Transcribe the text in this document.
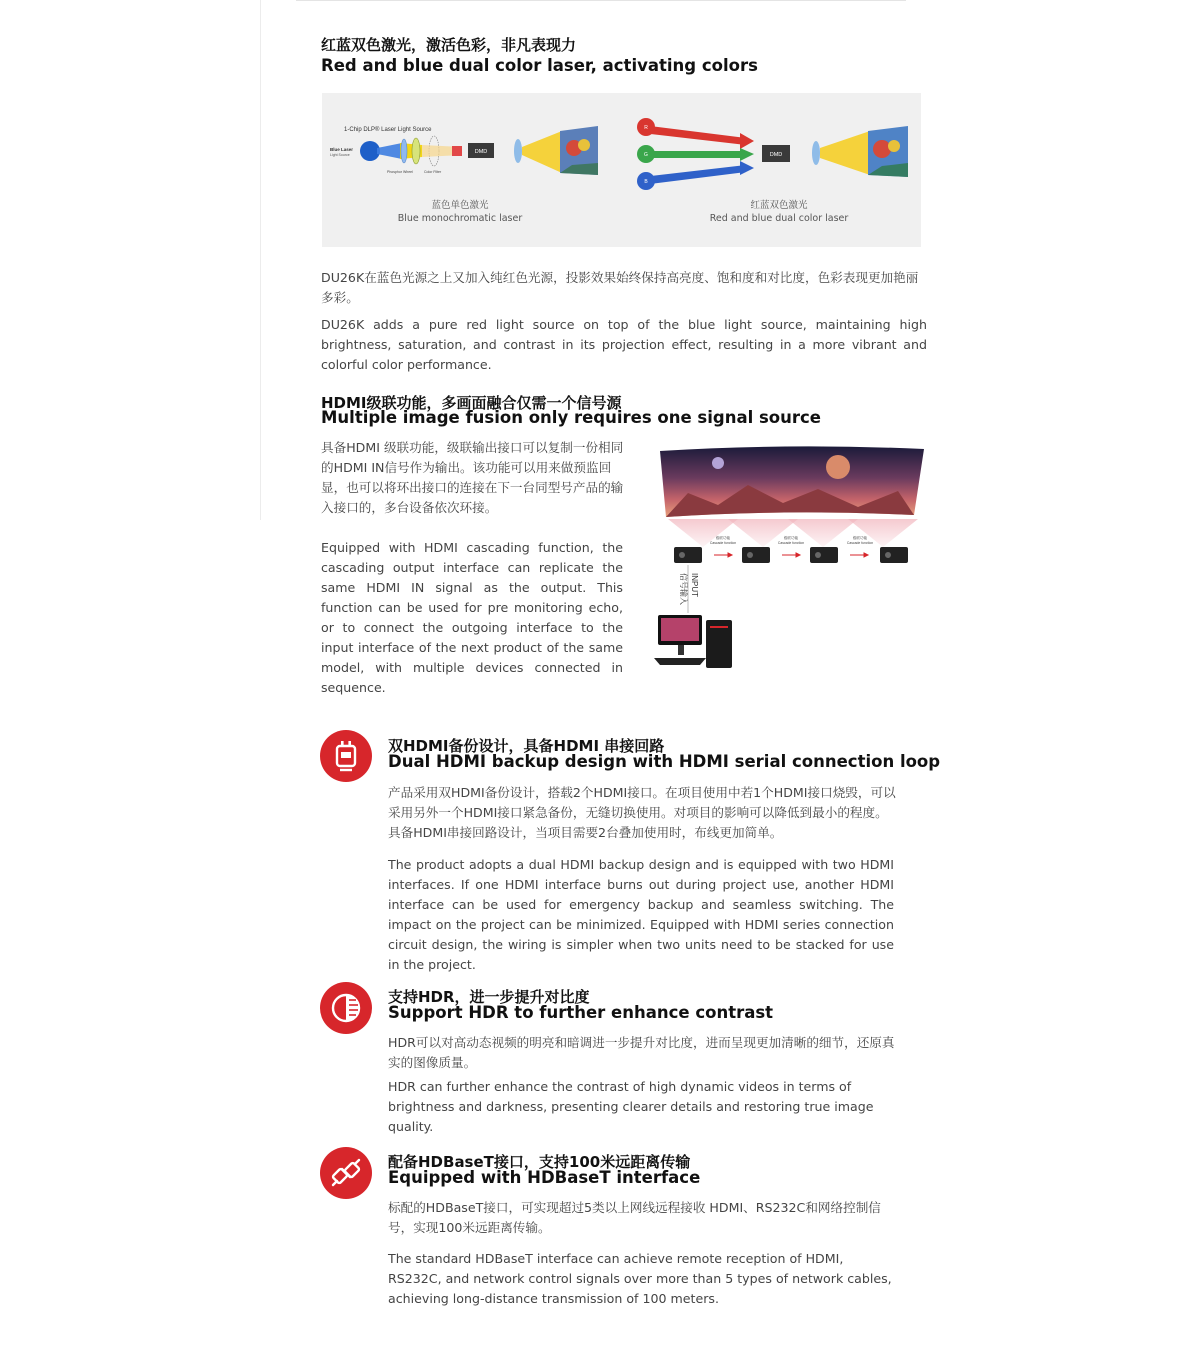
红蓝双色激光，激活色彩，非凡表现力
Red and blue dual color laser, activating colors
1-Chip DLP® Laser Light Source
Blue Laser
Light Source	DMD
Phosphor Wheel	Color Filter
R
G
B
DMD
蓝色单色激光
Blue monochromatic laser
红蓝双色激光
Red and blue dual color laser
DU26K在蓝色光源之上又加入纯红色光源，投影效果始终保持高亮度、饱和度和对比度，色彩表现更加艳丽多彩。
DU26K adds a pure red light source on top of the blue light source, maintaining high brightness, saturation, and contrast in its projection effect, resulting in a more vibrant and colorful color performance.
HDMI级联功能，多画面融合仅需一个信号源
Multiple image fusion only requires one signal source
具备HDMI 级联功能，级联输出接口可以复制一份相同的HDMI IN信号作为输出。该功能可以用来做预监回显，也可以将环出接口的连接在下一台同型号产品的输入接口的，多台设备依次环接。
Equipped with HDMI cascading function, the cascading output interface can replicate the same HDMI IN signal as the output. This function can be used for pre monitoring echo, or to connect the outgoing interface to the input interface of the next product of the same model, with multiple devices connected in sequence.
级联功能
Cascade function
级联功能
Cascade function
级联功能
Cascade function
信号输入 INPUT
双HDMI备份设计，具备HDMI 串接回路
Dual HDMI backup design with HDMI serial connection loop
产品采用双HDMI备份设计，搭载2个HDMI接口。在项目使用中若1个HDMI接口烧毁，可以采用另外一个HDMI接口紧急备份，无缝切换使用。对项目的影响可以降低到最小的程度。具备HDMI串接回路设计，当项目需要2台叠加使用时，布线更加简单。
The product adopts a dual HDMI backup design and is equipped with two HDMI interfaces. If one HDMI interface burns out during project use, another HDMI interface can be used for emergency backup and seamless switching. The impact on the project can be minimized. Equipped with HDMI series connection circuit design, the wiring is simpler when two units need to be stacked for use in the project.
支持HDR，进一步提升对比度
Support HDR to further enhance contrast
HDR可以对高动态视频的明亮和暗调进一步提升对比度，进而呈现更加清晰的细节，还原真实的图像质量。
HDR can further enhance the contrast of high dynamic videos in terms of brightness and darkness, presenting clearer details and restoring true image quality.
配备HDBaseT接口，支持100米远距离传输
Equipped with HDBaseT interface
标配的HDBaseT接口，可实现超过5类以上网线远程接收 HDMI、RS232C和网络控制信号，实现100米远距离传输。
The standard HDBaseT interface can achieve remote reception of HDMI, RS232C, and network control signals over more than 5 types of network cables, achieving long-distance transmission of 100 meters.
